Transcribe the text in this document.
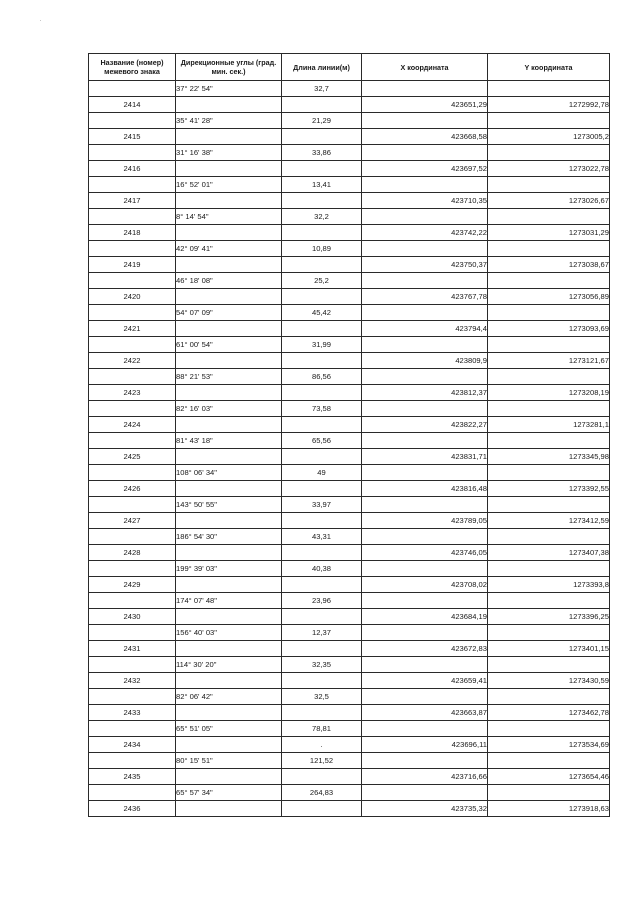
Название (номер) межевого знака	Дирекционные углы (град. мин. сек.)	Длина линии(м)	X координата	Y координата
	37° 22' 54"	32,7		
2414			423651,29	1272992,78
	35° 41' 28"	21,29		
2415			423668,58	1273005,2
	31° 16' 38"	33,86		
2416			423697,52	1273022,78
	16° 52' 01"	13,41		
2417			423710,35	1273026,67
	8° 14' 54"	32,2		
2418			423742,22	1273031,29
	42° 09' 41"	10,89		
2419			423750,37	1273038,67
	46° 18' 08"	25,2		
2420			423767,78	1273056,89
	54° 07' 09"	45,42		
2421			423794,4	1273093,69
	61° 00' 54"	31,99		
2422			423809,9	1273121,67
	88° 21' 53"	86,56		
2423			423812,37	1273208,19
	82° 16' 03"	73,58		
2424			423822,27	1273281,1
	81° 43' 18"	65,56		
2425			423831,71	1273345,98
	108° 06' 34"	49		
2426			423816,48	1273392,55
	143° 50' 55"	33,97		
2427			423789,05	1273412,59
	186° 54' 30"	43,31		
2428			423746,05	1273407,38
	199° 39' 03"	40,38		
2429			423708,02	1273393,8
	174° 07' 48"	23,96		
2430			423684,19	1273396,25
	156° 40' 03"	12,37		
2431			423672,83	1273401,15
	114° 30' 20"	32,35		
2432			423659,41	1273430,59
	82° 06' 42"	32,5		
2433			423663,87	1273462,78
	65° 51' 05"	78,81		
2434		.	423696,11	1273534,69
	80° 15' 51"	121,52		
2435			423716,66	1273654,46
	65° 57' 34"	264,83		
2436			423735,32	1273918,63
